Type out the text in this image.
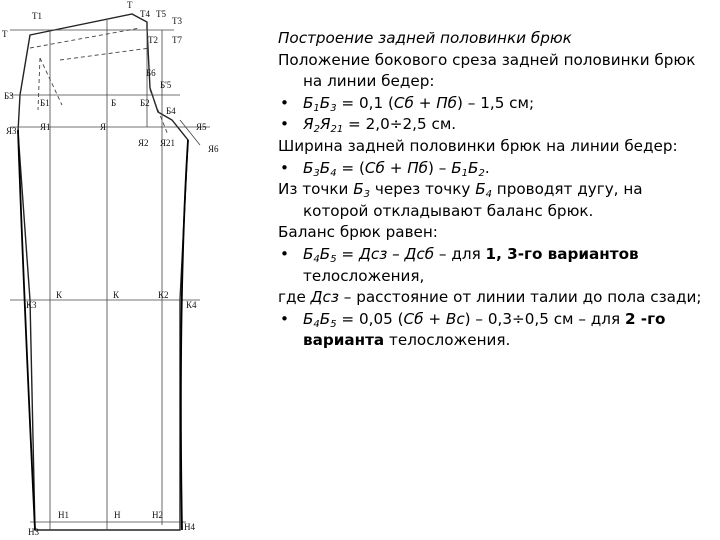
Т1
Т
Т4 Т5
Т3
Т
Т2 Т7
Б6
Б'5
Б3
Б1	Б	Б2
Б4
Я3	Я1	Я
Я2 Я21
Я5
Я6
К3
К	К	К2
К4
Н3
Н1	Н	Н2
Н4

Построение задней половинки брюк

Положение бокового среза задней половинки брюк на линии бедер:

• $Б_1Б_3 = 0,1$ (Сб + Пб) – 1,5 см;

• $Я_2Я_{21} = 2,0\div 2,5$ см.

Ширина задней половинки брюк на линии бедер:

• $Б_3Б_4 = (Сб + Пб) - Б_1Б_2$.

Из точки $Б_3$ через точку $Б_4$ проводят дугу, на которой откладывают баланс брюк.

Баланс брюк равен:

• $Б_4Б_5$ = Дсз – Дсб – для 1, 3-го вариантов телосложения,

где Дсз – расстояние от линии талии до пола сзади;

• $Б_4Б_5 = 0,05$ (Сб + Вс) – 0,3÷0,5 см – для 2 -го варианта телосложения.
